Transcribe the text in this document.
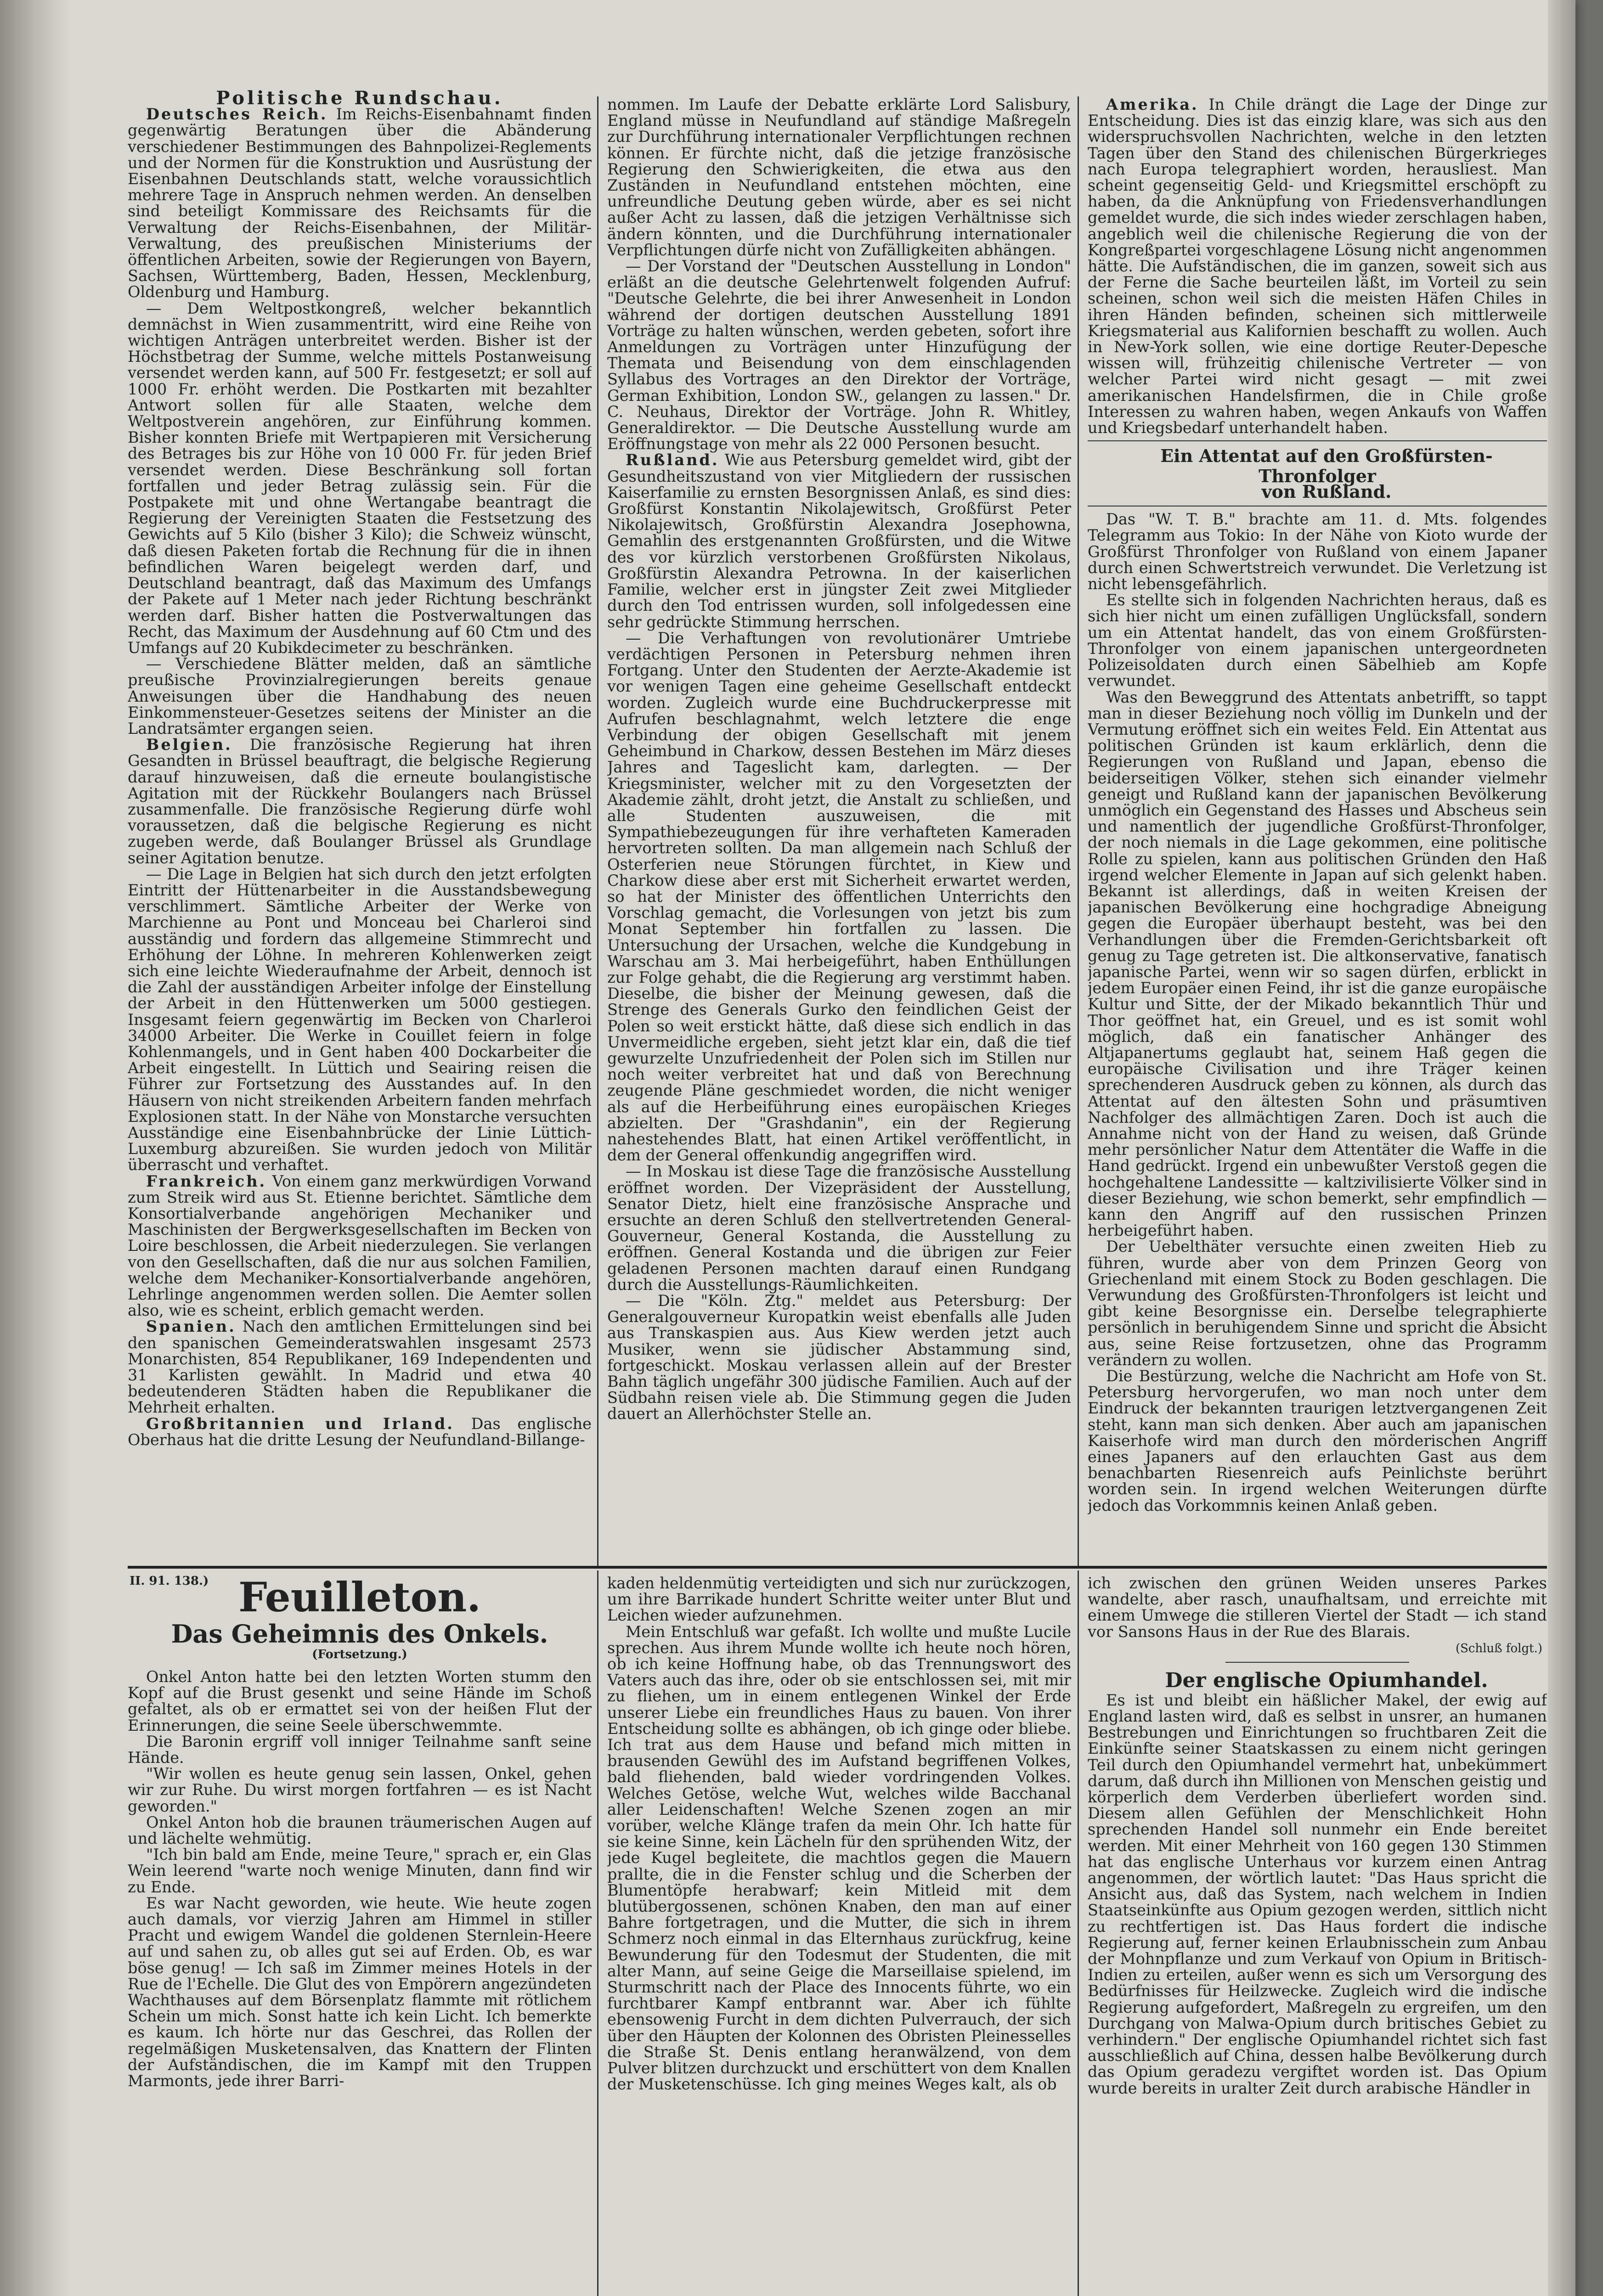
Politische Rundschau.

Deutsches Reich. Im Reichs-Eisenbahnamt finden gegenwärtig Beratungen über die Abänderung verschiedener Bestimmungen des Bahnpolizei-Reglements und der Normen für die Konstruktion und Ausrüstung der Eisenbahnen Deutschlands statt, welche voraussichtlich mehrere Tage in Anspruch nehmen werden. An denselben sind beteiligt Kommissare des Reichsamts für die Verwaltung der Reichs-Eisenbahnen, der Militär-Verwaltung, des preußischen Ministeriums der öffentlichen Arbeiten, sowie der Regierungen von Bayern, Sachsen, Württemberg, Baden, Hessen, Mecklenburg, Oldenburg und Hamburg.

— Dem Weltpostkongreß, welcher bekanntlich demnächst in Wien zusammentritt, wird eine Reihe von wichtigen Anträgen unterbreitet werden. Bisher ist der Höchstbetrag der Summe, welche mittels Postanweisung versendet werden kann, auf 500 Fr. festgesetzt; er soll auf 1000 Fr. erhöht werden. Die Postkarten mit bezahlter Antwort sollen für alle Staaten, welche dem Weltpostverein angehören, zur Einführung kommen. Bisher konnten Briefe mit Wertpapieren mit Versicherung des Betrages bis zur Höhe von 10 000 Fr. für jeden Brief versendet werden. Diese Beschränkung soll fortan fortfallen und jeder Betrag zulässig sein. Für die Postpakete mit und ohne Wertangabe beantragt die Regierung der Vereinigten Staaten die Festsetzung des Gewichts auf 5 Kilo (bisher 3 Kilo); die Schweiz wünscht, daß diesen Paketen fortab die Rechnung für die in ihnen befindlichen Waren beigelegt werden darf, und Deutschland beantragt, daß das Maximum des Umfangs der Pakete auf 1 Meter nach jeder Richtung beschränkt werden darf. Bisher hatten die Postverwaltungen das Recht, das Maximum der Ausdehnung auf 60 Ctm und des Umfangs auf 20 Kubikdecimeter zu beschränken.

— Verschiedene Blätter melden, daß an sämtliche preußische Provinzialregierungen bereits genaue Anweisungen über die Handhabung des neuen Einkommensteuer-Gesetzes seitens der Minister an die Landratsämter ergangen seien.

Belgien. Die französische Regierung hat ihren Gesandten in Brüssel beauftragt, die belgische Regierung darauf hinzuweisen, daß die erneute boulangistische Agitation mit der Rückkehr Boulangers nach Brüssel zusammenfalle. Die französische Regierung dürfe wohl voraussetzen, daß die belgische Regierung es nicht zugeben werde, daß Boulanger Brüssel als Grundlage seiner Agitation benutze.

— Die Lage in Belgien hat sich durch den jetzt erfolgten Eintritt der Hüttenarbeiter in die Ausstandsbewegung verschlimmert. Sämtliche Arbeiter der Werke von Marchienne au Pont und Monceau bei Charleroi sind ausständig und fordern das allgemeine Stimmrecht und Erhöhung der Löhne. In mehreren Kohlenwerken zeigt sich eine leichte Wiederaufnahme der Arbeit, dennoch ist die Zahl der ausständigen Arbeiter infolge der Einstellung der Arbeit in den Hüttenwerken um 5000 gestiegen. Insgesamt feiern gegenwärtig im Becken von Charleroi 34000 Arbeiter. Die Werke in Couillet feiern in folge Kohlenmangels, und in Gent haben 400 Dockarbeiter die Arbeit eingestellt. In Lüttich und Seairing reisen die Führer zur Fortsetzung des Ausstandes auf. In den Häusern von nicht streikenden Arbeitern fanden mehrfach Explosionen statt. In der Nähe von Monstarche versuchten Ausständige eine Eisenbahnbrücke der Linie Lüttich-Luxemburg abzureißen. Sie wurden jedoch von Militär überrascht und verhaftet.

Frankreich. Von einem ganz merkwürdigen Vorwand zum Streik wird aus St. Etienne berichtet. Sämtliche dem Konsortialverbande angehörigen Mechaniker und Maschinisten der Bergwerksgesellschaften im Becken von Loire beschlossen, die Arbeit niederzulegen. Sie verlangen von den Gesellschaften, daß die nur aus solchen Familien, welche dem Mechaniker-Konsortialverbande angehören, Lehrlinge angenommen werden sollen. Die Aemter sollen also, wie es scheint, erblich gemacht werden.

Spanien. Nach den amtlichen Ermittelungen sind bei den spanischen Gemeinderatswahlen insgesamt 2573 Monarchisten, 854 Republikaner, 169 Independenten und 31 Karlisten gewählt. In Madrid und etwa 40 bedeutenderen Städten haben die Republikaner die Mehrheit erhalten.

Großbritannien und Irland. Das englische Oberhaus hat die dritte Lesung der Neufundland-Billange-

nommen. Im Laufe der Debatte erklärte Lord Salisbury, England müsse in Neufundland auf ständige Maßregeln zur Durchführung internationaler Verpflichtungen rechnen können. Er fürchte nicht, daß die jetzige französische Regierung den Schwierigkeiten, die etwa aus den Zuständen in Neufundland entstehen möchten, eine unfreundliche Deutung geben würde, aber es sei nicht außer Acht zu lassen, daß die jetzigen Verhältnisse sich ändern könnten, und die Durchführung internationaler Verpflichtungen dürfe nicht von Zufälligkeiten abhängen.

— Der Vorstand der "Deutschen Ausstellung in London" erläßt an die deutsche Gelehrtenwelt folgenden Aufruf: "Deutsche Gelehrte, die bei ihrer Anwesenheit in London während der dortigen deutschen Ausstellung 1891 Vorträge zu halten wünschen, werden gebeten, sofort ihre Anmeldungen zu Vorträgen unter Hinzufügung der Themata und Beisendung von dem einschlagenden Syllabus des Vortrages an den Direktor der Vorträge, German Exhibition, London SW., gelangen zu lassen." Dr. C. Neuhaus, Direktor der Vorträge. John R. Whitley, Generaldirektor. — Die Deutsche Ausstellung wurde am Eröffnungstage von mehr als 22 000 Personen besucht.

Rußland. Wie aus Petersburg gemeldet wird, gibt der Gesundheitszustand von vier Mitgliedern der russischen Kaiserfamilie zu ernsten Besorgnissen Anlaß, es sind dies: Großfürst Konstantin Nikolajewitsch, Großfürst Peter Nikolajewitsch, Großfürstin Alexandra Josephowna, Gemahlin des erstgenannten Großfürsten, und die Witwe des vor kürzlich verstorbenen Großfürsten Nikolaus, Großfürstin Alexandra Petrowna. In der kaiserlichen Familie, welcher erst in jüngster Zeit zwei Mitglieder durch den Tod entrissen wurden, soll infolgedessen eine sehr gedrückte Stimmung herrschen.

— Die Verhaftungen von revolutionärer Umtriebe verdächtigen Personen in Petersburg nehmen ihren Fortgang. Unter den Studenten der Aerzte-Akademie ist vor wenigen Tagen eine geheime Gesellschaft entdeckt worden. Zugleich wurde eine Buchdruckerpresse mit Aufrufen beschlagnahmt, welch letztere die enge Verbindung der obigen Gesellschaft mit jenem Geheimbund in Charkow, dessen Bestehen im März dieses Jahres and Tageslicht kam, darlegten. — Der Kriegsminister, welcher mit zu den Vorgesetzten der Akademie zählt, droht jetzt, die Anstalt zu schließen, und alle Studenten auszuweisen, die mit Sympathiebezeugungen für ihre verhafteten Kameraden hervortreten sollten. Da man allgemein nach Schluß der Osterferien neue Störungen fürchtet, in Kiew und Charkow diese aber erst mit Sicherheit erwartet werden, so hat der Minister des öffentlichen Unterrichts den Vorschlag gemacht, die Vorlesungen von jetzt bis zum Monat September hin fortfallen zu lassen. Die Untersuchung der Ursachen, welche die Kundgebung in Warschau am 3. Mai herbeigeführt, haben Enthüllungen zur Folge gehabt, die die Regierung arg verstimmt haben. Dieselbe, die bisher der Meinung gewesen, daß die Strenge des Generals Gurko den feindlichen Geist der Polen so weit erstickt hätte, daß diese sich endlich in das Unvermeidliche ergeben, sieht jetzt klar ein, daß die tief gewurzelte Unzufriedenheit der Polen sich im Stillen nur noch weiter verbreitet hat und daß von Berechnung zeugende Pläne geschmiedet worden, die nicht weniger als auf die Herbeiführung eines europäischen Krieges abzielten. Der "Grashdanin", ein der Regierung nahestehendes Blatt, hat einen Artikel veröffentlicht, in dem der General offenkundig angegriffen wird.

— In Moskau ist diese Tage die französische Ausstellung eröffnet worden. Der Vizepräsident der Ausstellung, Senator Dietz, hielt eine französische Ansprache und ersuchte an deren Schluß den stellvertretenden General-Gouverneur, General Kostanda, die Ausstellung zu eröffnen. General Kostanda und die übrigen zur Feier geladenen Personen machten darauf einen Rundgang durch die Ausstellungs-Räumlichkeiten.

— Die "Köln. Ztg." meldet aus Petersburg: Der Generalgouverneur Kuropatkin weist ebenfalls alle Juden aus Transkaspien aus. Aus Kiew werden jetzt auch Musiker, wenn sie jüdischer Abstammung sind, fortgeschickt. Moskau verlassen allein auf der Brester Bahn täglich ungefähr 300 jüdische Familien. Auch auf der Südbahn reisen viele ab. Die Stimmung gegen die Juden dauert an Allerhöchster Stelle an.

Amerika. In Chile drängt die Lage der Dinge zur Entscheidung. Dies ist das einzig klare, was sich aus den widerspruchsvollen Nachrichten, welche in den letzten Tagen über den Stand des chilenischen Bürgerkrieges nach Europa telegraphiert worden, herausliest. Man scheint gegenseitig Geld- und Kriegsmittel erschöpft zu haben, da die Anknüpfung von Friedensverhandlungen gemeldet wurde, die sich indes wieder zerschlagen haben, angeblich weil die chilenische Regierung die von der Kongreßpartei vorgeschlagene Lösung nicht angenommen hätte. Die Aufständischen, die im ganzen, soweit sich aus der Ferne die Sache beurteilen läßt, im Vorteil zu sein scheinen, schon weil sich die meisten Häfen Chiles in ihren Händen befinden, scheinen sich mittlerweile Kriegsmaterial aus Kalifornien beschafft zu wollen. Auch in New-York sollen, wie eine dortige Reuter-Depesche wissen will, frühzeitig chilenische Vertreter — von welcher Partei wird nicht gesagt — mit zwei amerikanischen Handelsfirmen, die in Chile große Interessen zu wahren haben, wegen Ankaufs von Waffen und Kriegsbedarf unterhandelt haben.

Ein Attentat auf den Großfürsten-Thronfolger

von Rußland.

Das "W. T. B." brachte am 11. d. Mts. folgendes Telegramm aus Tokio: In der Nähe von Kioto wurde der Großfürst Thronfolger von Rußland von einem Japaner durch einen Schwertstreich verwundet. Die Verletzung ist nicht lebensgefährlich.

Es stellte sich in folgenden Nachrichten heraus, daß es sich hier nicht um einen zufälligen Unglücksfall, sondern um ein Attentat handelt, das von einem Großfürsten-Thronfolger von einem japanischen untergeordneten Polizeisoldaten durch einen Säbelhieb am Kopfe verwundet.

Was den Beweggrund des Attentats anbetrifft, so tappt man in dieser Beziehung noch völlig im Dunkeln und der Vermutung eröffnet sich ein weites Feld. Ein Attentat aus politischen Gründen ist kaum erklärlich, denn die Regierungen von Rußland und Japan, ebenso die beiderseitigen Völker, stehen sich einander vielmehr geneigt und Rußland kann der japanischen Bevölkerung unmöglich ein Gegenstand des Hasses und Abscheus sein und namentlich der jugendliche Großfürst-Thronfolger, der noch niemals in die Lage gekommen, eine politische Rolle zu spielen, kann aus politischen Gründen den Haß irgend welcher Elemente in Japan auf sich gelenkt haben. Bekannt ist allerdings, daß in weiten Kreisen der japanischen Bevölkerung eine hochgradige Abneigung gegen die Europäer überhaupt besteht, was bei den Verhandlungen über die Fremden-Gerichtsbarkeit oft genug zu Tage getreten ist. Die altkonservative, fanatisch japanische Partei, wenn wir so sagen dürfen, erblickt in jedem Europäer einen Feind, ihr ist die ganze europäische Kultur und Sitte, der der Mikado bekanntlich Thür und Thor geöffnet hat, ein Greuel, und es ist somit wohl möglich, daß ein fanatischer Anhänger des Altjapanertums geglaubt hat, seinem Haß gegen die europäische Civilisation und ihre Träger keinen sprechenderen Ausdruck geben zu können, als durch das Attentat auf den ältesten Sohn und präsumtiven Nachfolger des allmächtigen Zaren. Doch ist auch die Annahme nicht von der Hand zu weisen, daß Gründe mehr persönlicher Natur dem Attentäter die Waffe in die Hand gedrückt. Irgend ein unbewußter Verstoß gegen die hochgehaltene Landessitte — kaltzivilisierte Völker sind in dieser Beziehung, wie schon bemerkt, sehr empfindlich — kann den Angriff auf den russischen Prinzen herbeigeführt haben.

Der Uebelthäter versuchte einen zweiten Hieb zu führen, wurde aber von dem Prinzen Georg von Griechenland mit einem Stock zu Boden geschlagen. Die Verwundung des Großfürsten-Thronfolgers ist leicht und gibt keine Besorgnisse ein. Derselbe telegraphierte persönlich in beruhigendem Sinne und spricht die Absicht aus, seine Reise fortzusetzen, ohne das Programm verändern zu wollen.

Die Bestürzung, welche die Nachricht am Hofe von St. Petersburg hervorgerufen, wo man noch unter dem Eindruck der bekannten traurigen letztvergangenen Zeit steht, kann man sich denken. Aber auch am japanischen Kaiserhofe wird man durch den mörderischen Angriff eines Japaners auf den erlauchten Gast aus dem benachbarten Riesenreich aufs Peinlichste berührt worden sein. In irgend welchen Weiterungen dürfte jedoch das Vorkommnis keinen Anlaß geben.

II. 91. 138.) Feuilleton.

Das Geheimnis des Onkels.

(Fortsetzung.)

Onkel Anton hatte bei den letzten Worten stumm den Kopf auf die Brust gesenkt und seine Hände im Schoß gefaltet, als ob er ermattet sei von der heißen Flut der Erinnerungen, die seine Seele überschwemmte.

Die Baronin ergriff voll inniger Teilnahme sanft seine Hände.

"Wir wollen es heute genug sein lassen, Onkel, gehen wir zur Ruhe. Du wirst morgen fortfahren — es ist Nacht geworden."

Onkel Anton hob die braunen träumerischen Augen auf und lächelte wehmütig.

"Ich bin bald am Ende, meine Teure," sprach er, ein Glas Wein leerend "warte noch wenige Minuten, dann find wir zu Ende.

Es war Nacht geworden, wie heute. Wie heute zogen auch damals, vor vierzig Jahren am Himmel in stiller Pracht und ewigem Wandel die goldenen Sternlein-Heere auf und sahen zu, ob alles gut sei auf Erden. Ob, es war böse genug! — Ich saß im Zimmer meines Hotels in der Rue de l'Echelle. Die Glut des von Empörern angezündeten Wachthauses auf dem Börsenplatz flammte mit rötlichem Schein um mich. Sonst hatte ich kein Licht. Ich bemerkte es kaum. Ich hörte nur das Geschrei, das Rollen der regelmäßigen Musketensalven, das Knattern der Flinten der Aufständischen, die im Kampf mit den Truppen Marmonts, jede ihrer Barri-

kaden heldenmütig verteidigten und sich nur zurückzogen, um ihre Barrikade hundert Schritte weiter unter Blut und Leichen wieder aufzunehmen.

Mein Entschluß war gefaßt. Ich wollte und mußte Lucile sprechen. Aus ihrem Munde wollte ich heute noch hören, ob ich keine Hoffnung habe, ob das Trennungswort des Vaters auch das ihre, oder ob sie entschlossen sei, mit mir zu fliehen, um in einem entlegenen Winkel der Erde unserer Liebe ein freundliches Haus zu bauen. Von ihrer Entscheidung sollte es abhängen, ob ich ginge oder bliebe. Ich trat aus dem Hause und befand mich mitten in brausenden Gewühl des im Aufstand begriffenen Volkes, bald fliehenden, bald wieder vordringenden Volkes. Welches Getöse, welche Wut, welches wilde Bacchanal aller Leidenschaften! Welche Szenen zogen an mir vorüber, welche Klänge trafen da mein Ohr. Ich hatte für sie keine Sinne, kein Lächeln für den sprühenden Witz, der jede Kugel begleitete, die machtlos gegen die Mauern prallte, die in die Fenster schlug und die Scherben der Blumentöpfe herabwarf; kein Mitleid mit dem blutübergossenen, schönen Knaben, den man auf einer Bahre fortgetragen, und die Mutter, die sich in ihrem Schmerz noch einmal in das Elternhaus zurückfrug, keine Bewunderung für den Todesmut der Studenten, die mit alter Mann, auf seine Geige die Marseillaise spielend, im Sturmschritt nach der Place des Innocents führte, wo ein furchtbarer Kampf entbrannt war. Aber ich fühlte ebensowenig Furcht in dem dichten Pulverrauch, der sich über den Häupten der Kolonnen des Obristen Pleinesselles die Straße St. Denis entlang heranwälzend, von dem Pulver blitzen durchzuckt und erschüttert von dem Knallen der Musketenschüsse. Ich ging meines Weges kalt, als ob

ich zwischen den grünen Weiden unseres Parkes wandelte, aber rasch, unaufhaltsam, und erreichte mit einem Umwege die stilleren Viertel der Stadt — ich stand vor Sansons Haus in der Rue des Blarais.

(Schluß folgt.)

Der englische Opiumhandel.

Es ist und bleibt ein häßlicher Makel, der ewig auf England lasten wird, daß es selbst in unsrer, an humanen Bestrebungen und Einrichtungen so fruchtbaren Zeit die Einkünfte seiner Staatskassen zu einem nicht geringen Teil durch den Opiumhandel vermehrt hat, unbekümmert darum, daß durch ihn Millionen von Menschen geistig und körperlich dem Verderben überliefert worden sind. Diesem allen Gefühlen der Menschlichkeit Hohn sprechenden Handel soll nunmehr ein Ende bereitet werden. Mit einer Mehrheit von 160 gegen 130 Stimmen hat das englische Unterhaus vor kurzem einen Antrag angenommen, der wörtlich lautet: "Das Haus spricht die Ansicht aus, daß das System, nach welchem in Indien Staatseinkünfte aus Opium gezogen werden, sittlich nicht zu rechtfertigen ist. Das Haus fordert die indische Regierung auf, ferner keinen Erlaubnisschein zum Anbau der Mohnpflanze und zum Verkauf von Opium in Britisch-Indien zu erteilen, außer wenn es sich um Versorgung des Bedürfnisses für Heilzwecke. Zugleich wird die indische Regierung aufgefordert, Maßregeln zu ergreifen, um den Durchgang von Malwa-Opium durch britisches Gebiet zu verhindern." Der englische Opiumhandel richtet sich fast ausschließlich auf China, dessen halbe Bevölkerung durch das Opium geradezu vergiftet worden ist. Das Opium wurde bereits in uralter Zeit durch arabische Händler in
